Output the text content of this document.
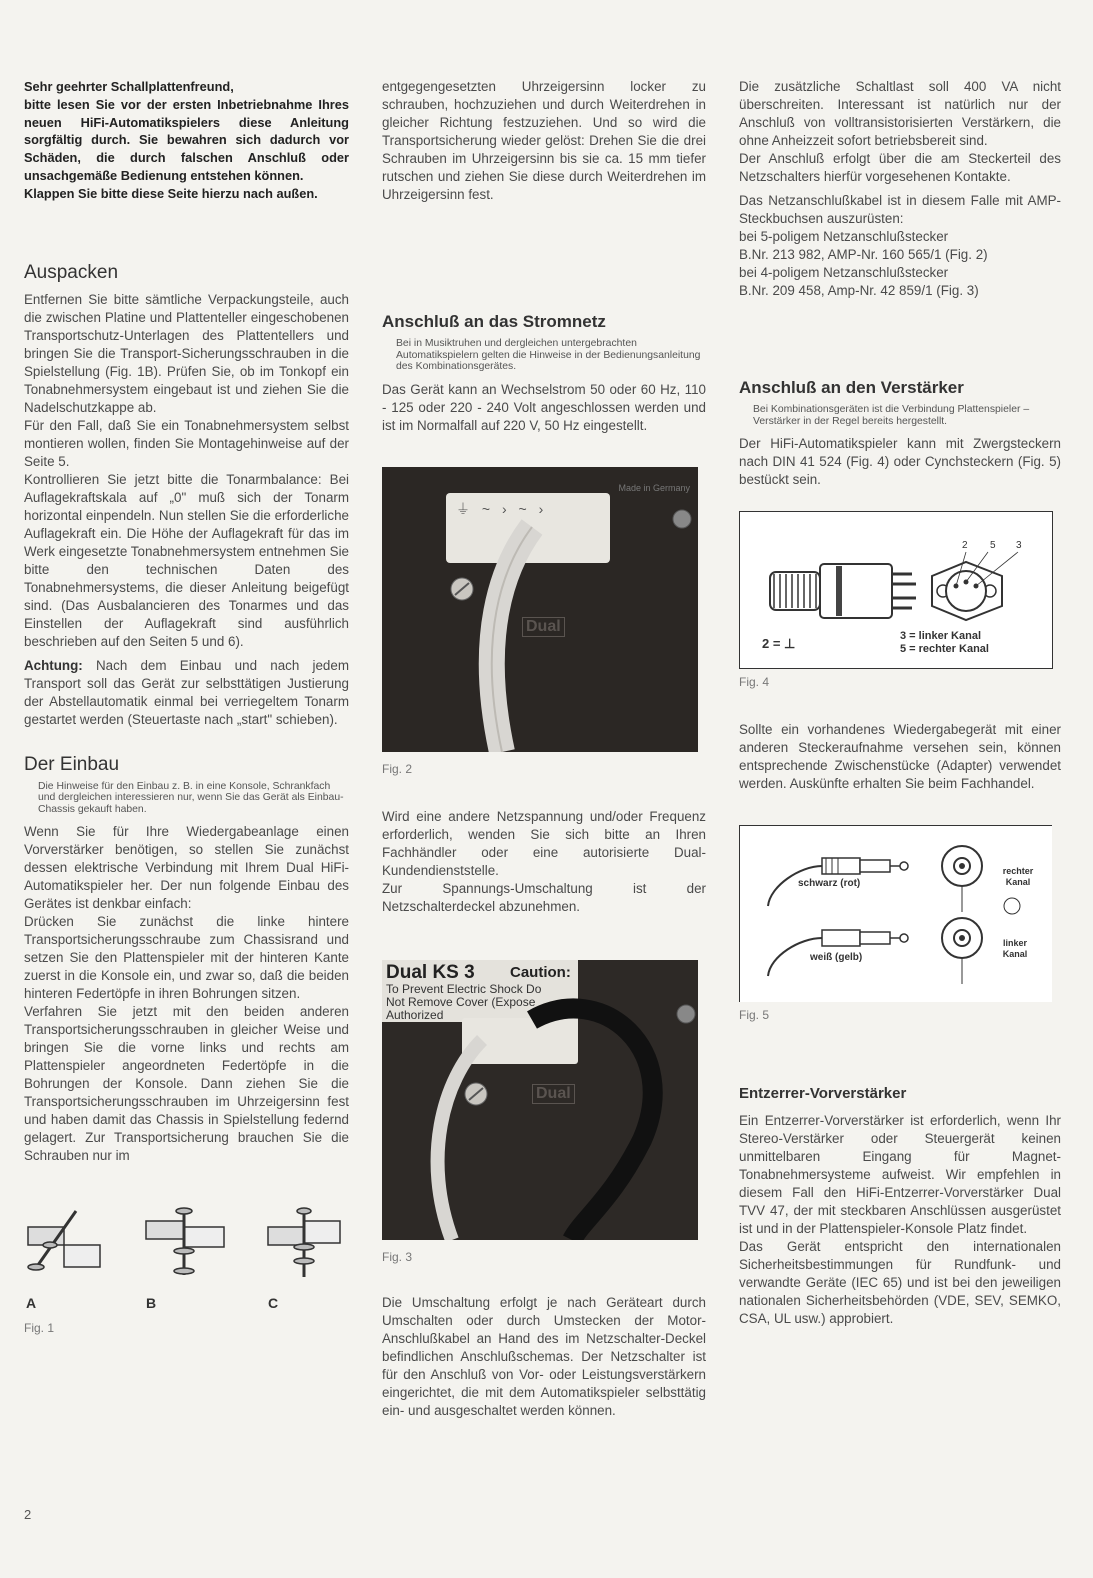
Sehr geehrter Schallplattenfreund,

bitte lesen Sie vor der ersten Inbetriebnahme Ihres neuen HiFi-Automatikspielers diese Anleitung sorgfältig durch. Sie bewahren sich dadurch vor Schäden, die durch falschen Anschluß oder unsachgemäße Bedienung entstehen können.

Klappen Sie bitte diese Seite hierzu nach außen.

Auspacken

Entfernen Sie bitte sämtliche Verpackungsteile, auch die zwischen Platine und Plattenteller eingeschobenen Transportschutz-Unterlagen des Plattentellers und bringen Sie die Transport-Sicherungsschrauben in die Spielstellung (Fig. 1B). Prüfen Sie, ob im Tonkopf ein Tonabnehmersystem eingebaut ist und ziehen Sie die Nadelschutzkappe ab.

Für den Fall, daß Sie ein Tonabnehmersystem selbst montieren wollen, finden Sie Montagehinweise auf der Seite 5.

Kontrollieren Sie jetzt bitte die Tonarmbalance: Bei Auflagekraftskala auf „0" muß sich der Tonarm horizontal einpendeln. Nun stellen Sie die erforderliche Auflagekraft ein. Die Höhe der Auflagekraft für das im Werk eingesetzte Tonabnehmersystem entnehmen Sie bitte den technischen Daten des Tonabnehmersystems, die dieser Anleitung beigefügt sind. (Das Ausbalancieren des Tonarmes und das Einstellen der Auflagekraft sind ausführlich beschrieben auf den Seiten 5 und 6).

Achtung: Nach dem Einbau und nach jedem Transport soll das Gerät zur selbsttätigen Justierung der Abstellautomatik einmal bei verriegeltem Tonarm gestartet werden (Steuertaste nach „start" schieben).

Der Einbau

Die Hinweise für den Einbau z. B. in eine Konsole, Schrankfach und dergleichen interessieren nur, wenn Sie das Gerät als Einbau-Chassis gekauft haben.

Wenn Sie für Ihre Wiedergabeanlage einen Vorverstärker benötigen, so stellen Sie zunächst dessen elektrische Verbindung mit Ihrem Dual HiFi-Automatikspieler her. Der nun folgende Einbau des Gerätes ist denkbar einfach:

Drücken Sie zunächst die linke hintere Transportsicherungsschraube zum Chassisrand und setzen Sie den Plattenspieler mit der hinteren Kante zuerst in die Konsole ein, und zwar so, daß die beiden hinteren Federtöpfe in ihren Bohrungen sitzen.

Verfahren Sie jetzt mit den beiden anderen Transportsicherungsschrauben in gleicher Weise und bringen Sie die vorne links und rechts am Plattenspieler angeordneten Federtöpfe in die Bohrungen der Konsole. Dann ziehen Sie die Transportsicherungsschrauben im Uhrzeigersinn fest und haben damit das Chassis in Spielstellung federnd gelagert. Zur Transportsicherung brauchen Sie die Schrauben nur im

A	B	C
Fig. 1

entgegengesetzten Uhrzeigersinn locker zu schrauben, hochzuziehen und durch Weiterdrehen in gleicher Richtung festzuziehen. Und so wird die Transportsicherung wieder gelöst: Drehen Sie die drei Schrauben im Uhrzeigersinn bis sie ca. 15 mm tiefer rutschen und ziehen Sie diese durch Weiterdrehen im Uhrzeigersinn fest.

Anschluß an das Stromnetz

Bei in Musiktruhen und dergleichen untergebrachten Automatikspielern gelten die Hinweise in der Bedienungsanleitung des Kombinationsgerätes.

Das Gerät kann an Wechselstrom 50 oder 60 Hz, 110 - 125 oder 220 - 240 Volt angeschlossen werden und ist im Normalfall auf 220 V, 50 Hz eingestellt.

Made in Germany
⏚ ~ › ~ ›
Dual
Fig. 2

Wird eine andere Netzspannung und/oder Frequenz erforderlich, wenden Sie sich bitte an Ihren Fachhändler oder eine autorisierte Dual-Kundendienststelle.

Zur Spannungs-Umschaltung ist der Netzschalterdeckel abzunehmen.

Dual KS 3 Caution:
To Prevent Electric Shock Do
Not Remove Cover (Expose
Authorized
Dual
Fig. 3

Die Umschaltung erfolgt je nach Geräteart durch Umschalten oder durch Umstecken der Motor-Anschlußkabel an Hand des im Netzschalter-Deckel befindlichen Anschlußschemas. Der Netzschalter ist für den Anschluß von Vor- oder Leistungsverstärkern eingerichtet, die mit dem Automatikspieler selbsttätig ein- und ausgeschaltet werden können.

Die zusätzliche Schaltlast soll 400 VA nicht überschreiten. Interessant ist natürlich nur der Anschluß von volltransistorisierten Verstärkern, die ohne Anheizzeit sofort betriebsbereit sind.

Der Anschluß erfolgt über die am Steckerteil des Netzschalters hierfür vorgesehenen Kontakte.

Das Netzanschlußkabel ist in diesem Falle mit AMP-Steckbuchsen auszurüsten:

bei 5-poligem Netzanschlußstecker

B.Nr. 213 982, AMP-Nr. 160 565/1 (Fig. 2)

bei 4-poligem Netzanschlußstecker

B.Nr. 209 458, Amp-Nr. 42 859/1 (Fig. 3)

Anschluß an den Verstärker

Bei Kombinationsgeräten ist die Verbindung Plattenspieler – Verstärker in der Regel bereits hergestellt.

Der HiFi-Automatikspieler kann mit Zwergsteckern nach DIN 41 524 (Fig. 4) oder Cynchsteckern (Fig. 5) bestückt sein.

2 5 3
2 = ⊥	3 = linker Kanal
5 = rechter Kanal
Fig. 4

Sollte ein vorhandenes Wiedergabegerät mit einer anderen Steckeraufnahme versehen sein, können entsprechende Zwischenstücke (Adapter) verwendet werden. Auskünfte erhalten Sie beim Fachhandel.

schwarz (rot)
weiß (gelb)
rechter Kanal
linker Kanal
Fig. 5
Entzerrer-Vorverstärker

Ein Entzerrer-Vorverstärker ist erforderlich, wenn Ihr Stereo-Verstärker oder Steuergerät keinen unmittelbaren Eingang für Magnet-Tonabnehmersysteme aufweist. Wir empfehlen in diesem Fall den HiFi-Entzerrer-Vorverstärker Dual TVV 47, der mit steckbaren Anschlüssen ausgerüstet ist und in der Plattenspieler-Konsole Platz findet.

Das Gerät entspricht den internationalen Sicherheitsbestimmungen für Rundfunk- und verwandte Geräte (IEC 65) und ist bei den jeweiligen nationalen Sicherheitsbehörden (VDE, SEV, SEMKO, CSA, UL usw.) approbiert.

2
